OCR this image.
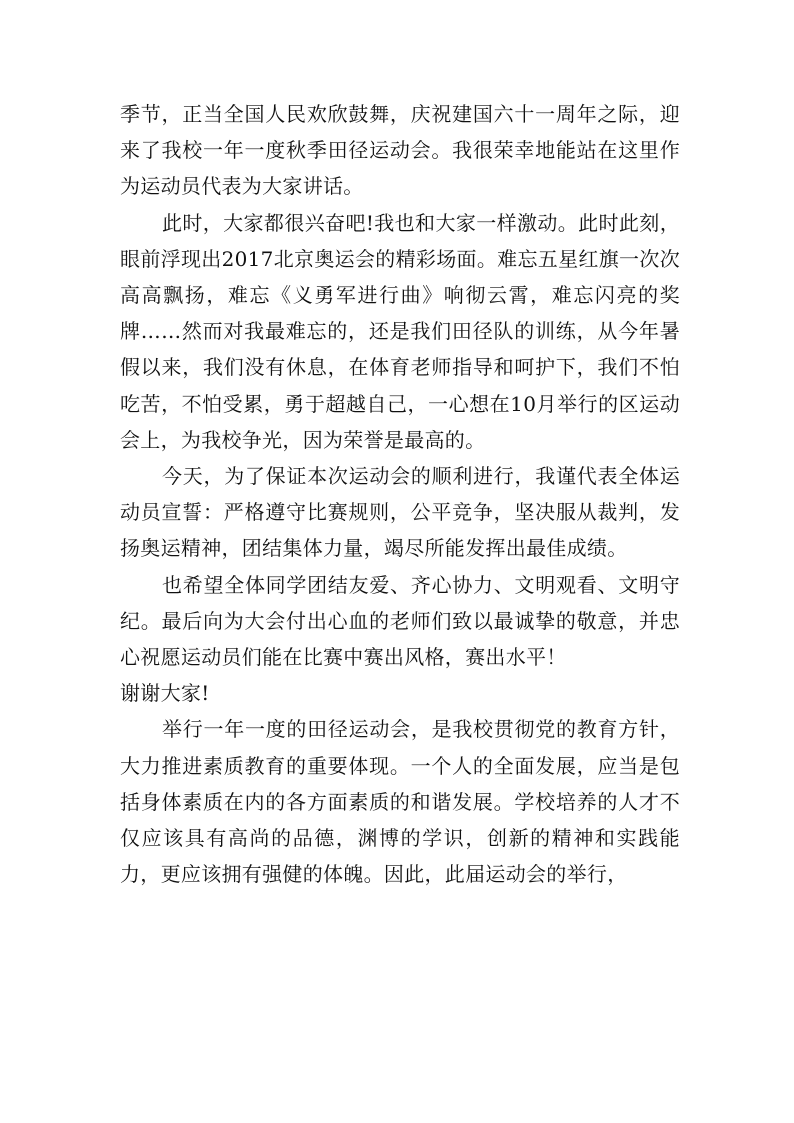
季节，正当全国人民欢欣鼓舞，庆祝建国六十一周年之际，迎来了我校一年一度秋季田径运动会。我很荣幸地能站在这里作为运动员代表为大家讲话。

此时，大家都很兴奋吧!我也和大家一样激动。此时此刻，眼前浮现出2017北京奥运会的精彩场面。难忘五星红旗一次次高高飘扬，难忘《义勇军进行曲》响彻云霄，难忘闪亮的奖牌……然而对我最难忘的，还是我们田径队的训练，从今年暑假以来，我们没有休息，在体育老师指导和呵护下，我们不怕吃苦，不怕受累，勇于超越自己，一心想在10月举行的区运动会上，为我校争光，因为荣誉是最高的。

今天，为了保证本次运动会的顺利进行，我谨代表全体运动员宣誓：严格遵守比赛规则，公平竞争，坚决服从裁判，发扬奥运精神，团结集体力量，竭尽所能发挥出最佳成绩。

也希望全体同学团结友爱、齐心协力、文明观看、文明守纪。最后向为大会付出心血的老师们致以最诚挚的敬意，并忠心祝愿运动员们能在比赛中赛出风格，赛出水平！

谢谢大家!

举行一年一度的田径运动会，是我校贯彻党的教育方针，大力推进素质教育的重要体现。一个人的全面发展，应当是包括身体素质在内的各方面素质的和谐发展。学校培养的人才不仅应该具有高尚的品德，渊博的学识，创新的精神和实践能力，更应该拥有强健的体魄。因此，此届运动会的举行，
